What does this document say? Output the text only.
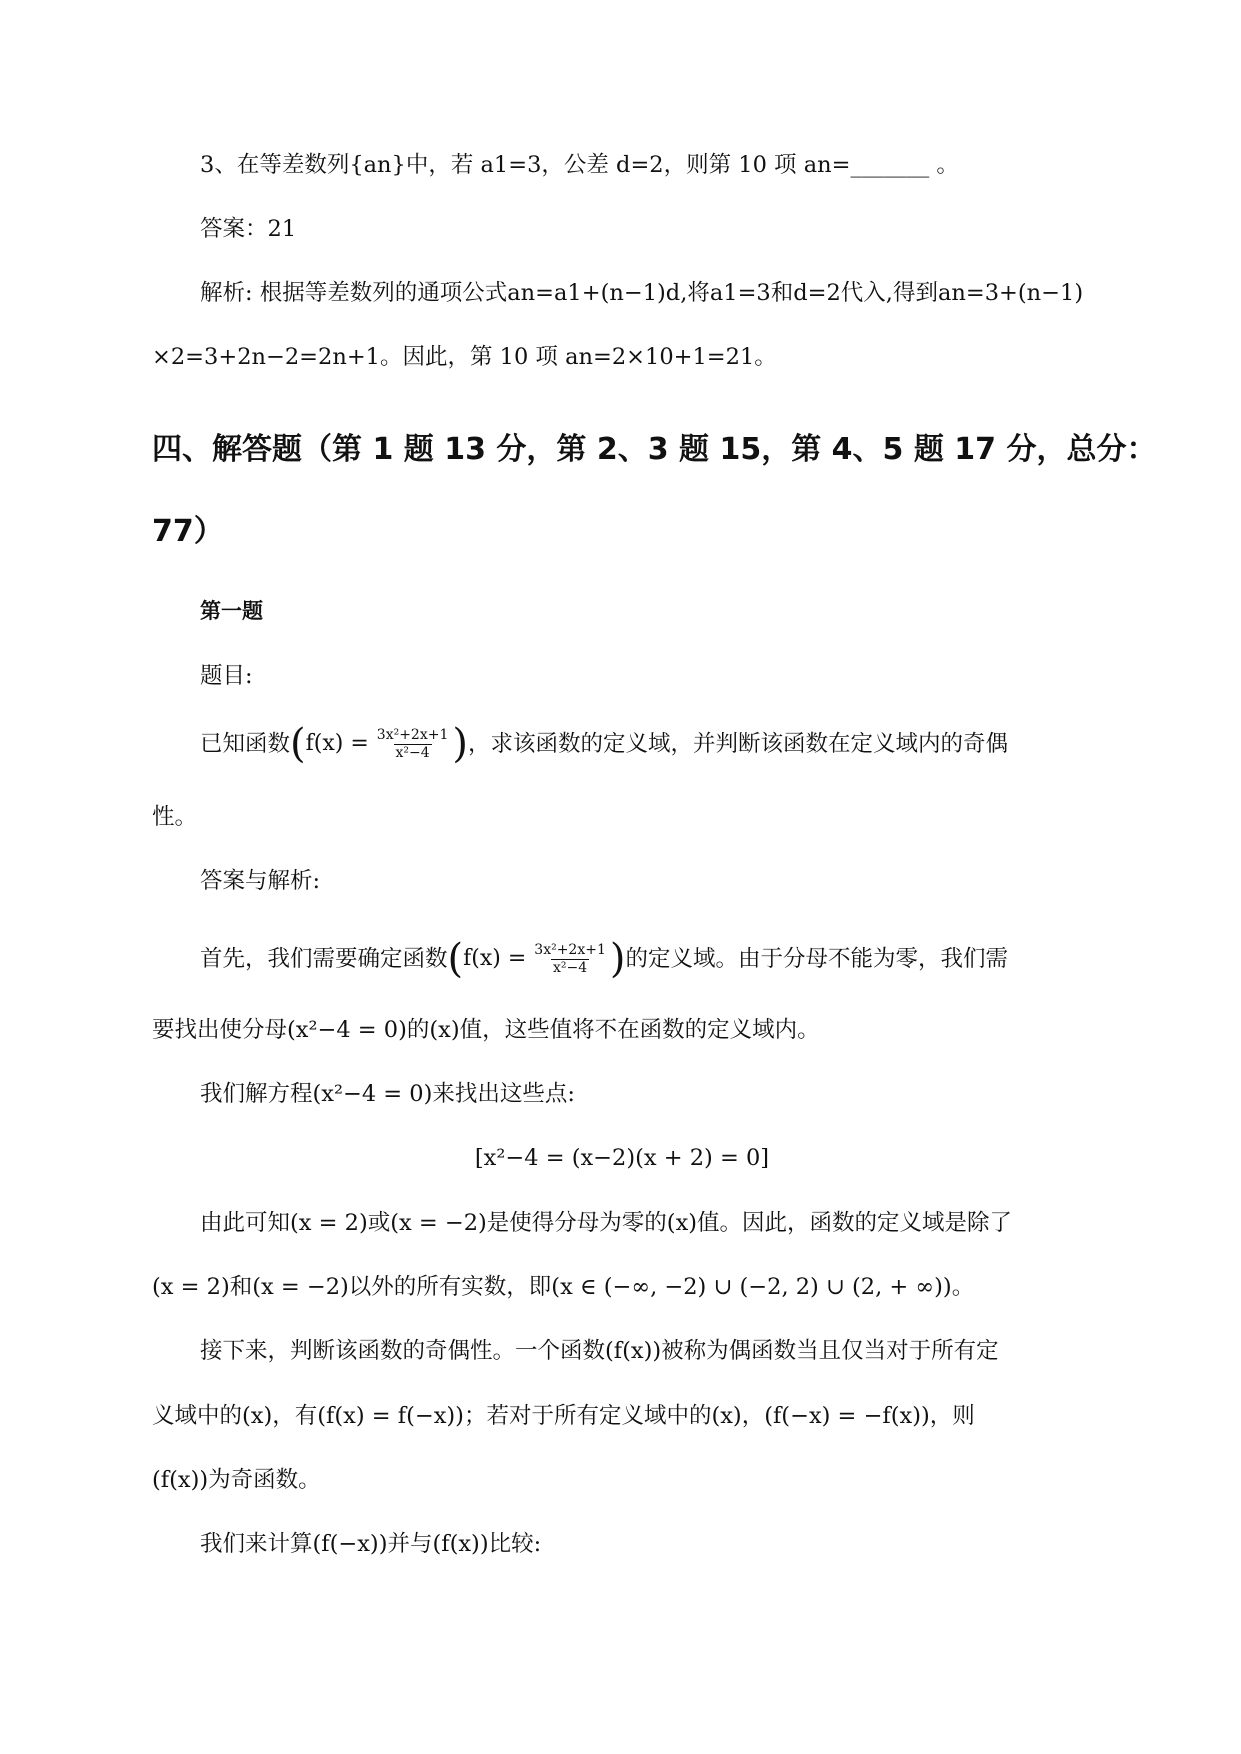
3、在等差数列{an}中，若 a1=3，公差 d=2，则第 10 项 an=_______ 。
答案：21
解析: 根据等差数列的通项公式an=a1+(n−1)d,将a1=3和d=2代入,得到an=3+(n−1)
×2=3+2n−2=2n+1。因此，第 10 项 an=2×10+1=21。
四、解答题（第 1 题 13 分，第 2、3 题 15，第 4、5 题 17 分，总分：
77）
第一题
题目:
已知函数 ( $f(x) = \frac{\text{3x²+2x+1}}{\text{x²−4}}$ ) ，求该函数的定义域，并判断该函数在定义域内的奇偶
性。
答案与解析:
首先，我们需要确定函数 ( $f(x) = \frac{\text{3x²+2x+1}}{\text{x²−4}}$ ) 的定义域。由于分母不能为零，我们需
要找出使分母(x²−4 = 0)的(x)值，这些值将不在函数的定义域内。
我们解方程(x²−4 = 0)来找出这些点:
[x²−4 = (x−2)(x + 2) = 0]
由此可知(x = 2)或(x = −2)是使得分母为零的(x)值。因此，函数的定义域是除了
(x = 2)和(x = −2)以外的所有实数，即(x ∈ (−∞, −2) ∪ (−2, 2) ∪ (2, + ∞))。
接下来，判断该函数的奇偶性。一个函数(f(x))被称为偶函数当且仅当对于所有定
义域中的(x)，有(f(x) = f(−x))；若对于所有定义域中的(x)，(f(−x) = −f(x))，则
(f(x))为奇函数。
我们来计算(f(−x))并与(f(x))比较:
